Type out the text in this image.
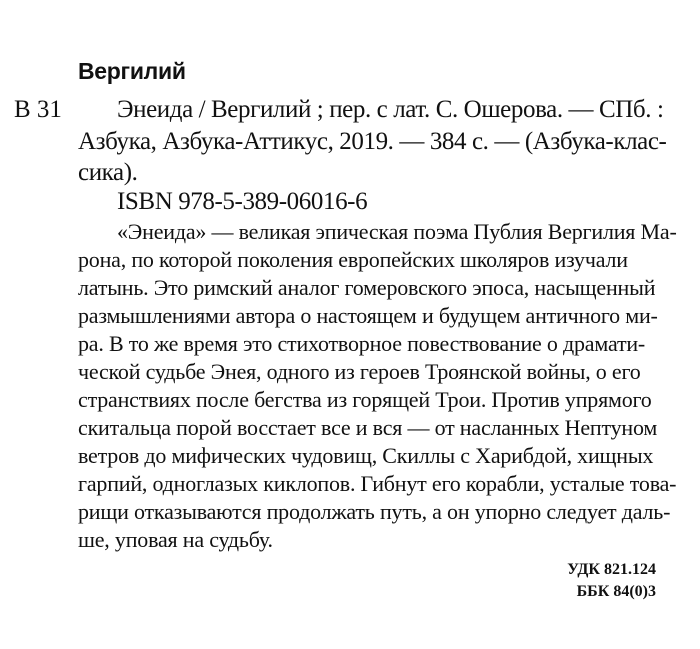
Вергилий
В 31 Энеида / Вергилий ; пер. с лат. С. Ошерова. — СПб. :
Азбука, Азбука-Аттикус, 2019. — 384 с. — (Азбука-клас-
сика).
ISBN 978-5-389-06016-6
«Энеида» — великая эпическая поэма Публия Вергилия Ма-
рона, по которой поколения европейских школяров изучали
латынь. Это римский аналог гомеровского эпоса, насыщенный
размышлениями автора о настоящем и будущем античного ми-
ра. В то же время это стихотворное повествование о драмати-
ческой судьбе Энея, одного из героев Троянской войны, о его
странствиях после бегства из горящей Трои. Против упрямого
скитальца порой восстает все и вся — от насланных Нептуном
ветров до мифических чудовищ, Скиллы с Харибдой, хищных
гарпий, одноглазых киклопов. Гибнут его корабли, усталые това-
рищи отказываются продолжать путь, а он упорно следует даль-
ше, уповая на судьбу.
УДК 821.124
ББК 84(0)3
